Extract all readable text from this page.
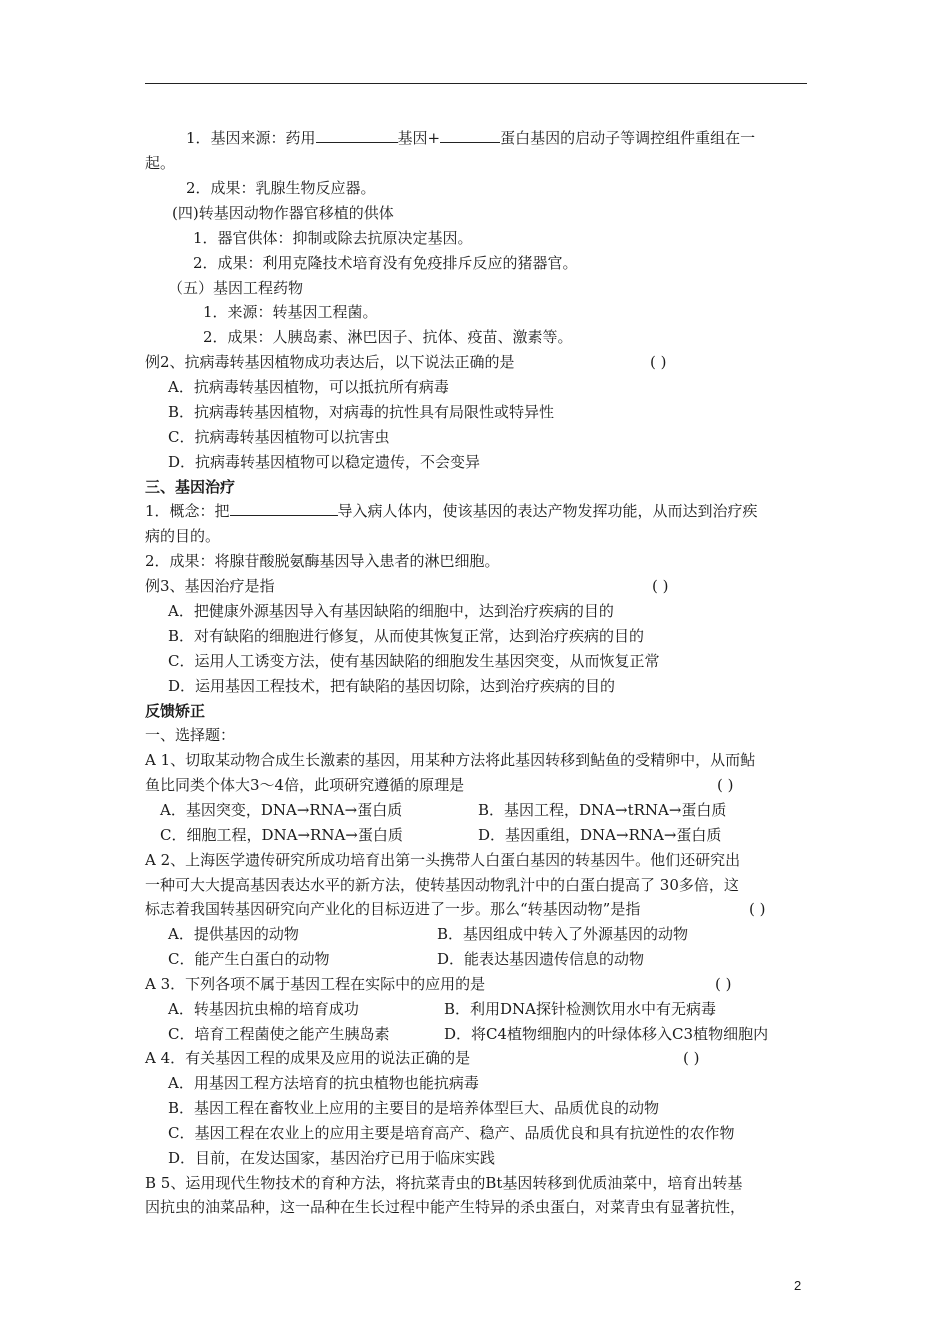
1．基因来源：药用	基因+	蛋白基因的启动子等调控组件重组在一
起。
2．成果：乳腺生物反应器。
(四)转基因动物作器官移植的供体
1．器官供体：抑制或除去抗原决定基因。
2．成果：利用克隆技术培育没有免疫排斥反应的猪器官。
（五）基因工程药物
1．来源：转基因工程菌。
2．成果：人胰岛素、淋巴因子、抗体、疫苗、激素等。
例2、抗病毒转基因植物成功表达后，以下说法正确的是	( )
A．抗病毒转基因植物，可以抵抗所有病毒
B．抗病毒转基因植物，对病毒的抗性具有局限性或特异性
C．抗病毒转基因植物可以抗害虫
D．抗病毒转基因植物可以稳定遗传，不会变异
三、基因治疗
1．概念：把	导入病人体内，使该基因的表达产物发挥功能，从而达到治疗疾
病的目的。
2．成果：将腺苷酸脱氨酶基因导入患者的淋巴细胞。
例3、基因治疗是指	( )
A．把健康外源基因导入有基因缺陷的细胞中，达到治疗疾病的目的
B．对有缺陷的细胞进行修复，从而使其恢复正常，达到治疗疾病的目的
C．运用人工诱变方法，使有基因缺陷的细胞发生基因突变，从而恢复正常
D．运用基因工程技术，把有缺陷的基因切除，达到治疗疾病的目的
反馈矫正
一、选择题：
A 1、切取某动物合成生长激素的基因，用某种方法将此基因转移到鲇鱼的受精卵中，从而鲇
鱼比同类个体大3～4倍，此项研究遵循的原理是	( )
A．基因突变，DNA→RNA→蛋白质	B．基因工程，DNA→tRNA→蛋白质
C．细胞工程，DNA→RNA→蛋白质	D．基因重组，DNA→RNA→蛋白质
A 2、上海医学遗传研究所成功培育出第一头携带人白蛋白基因的转基因牛。他们还研究出
一种可大大提高基因表达水平的新方法，使转基因动物乳汁中的白蛋白提高了 30多倍，这
标志着我国转基因研究向产业化的目标迈进了一步。那么“转基因动物”是指	( )
A．提供基因的动物	B．基因组成中转入了外源基因的动物
C．能产生白蛋白的动物	D．能表达基因遗传信息的动物
A 3．下列各项不属于基因工程在实际中的应用的是	( )
A．转基因抗虫棉的培育成功	B．利用DNA探针检测饮用水中有无病毒
C．培育工程菌使之能产生胰岛素	D．将C4植物细胞内的叶绿体移入C3植物细胞内
A 4．有关基因工程的成果及应用的说法正确的是	( )
A．用基因工程方法培育的抗虫植物也能抗病毒
B．基因工程在畜牧业上应用的主要目的是培养体型巨大、品质优良的动物
C．基因工程在农业上的应用主要是培育高产、稳产、品质优良和具有抗逆性的农作物
D．目前，在发达国家，基因治疗已用于临床实践
B 5、运用现代生物技术的育种方法，将抗菜青虫的Bt基因转移到优质油菜中，培育出转基
因抗虫的油菜品种，这一品种在生长过程中能产生特异的杀虫蛋白，对菜青虫有显著抗性，
2
